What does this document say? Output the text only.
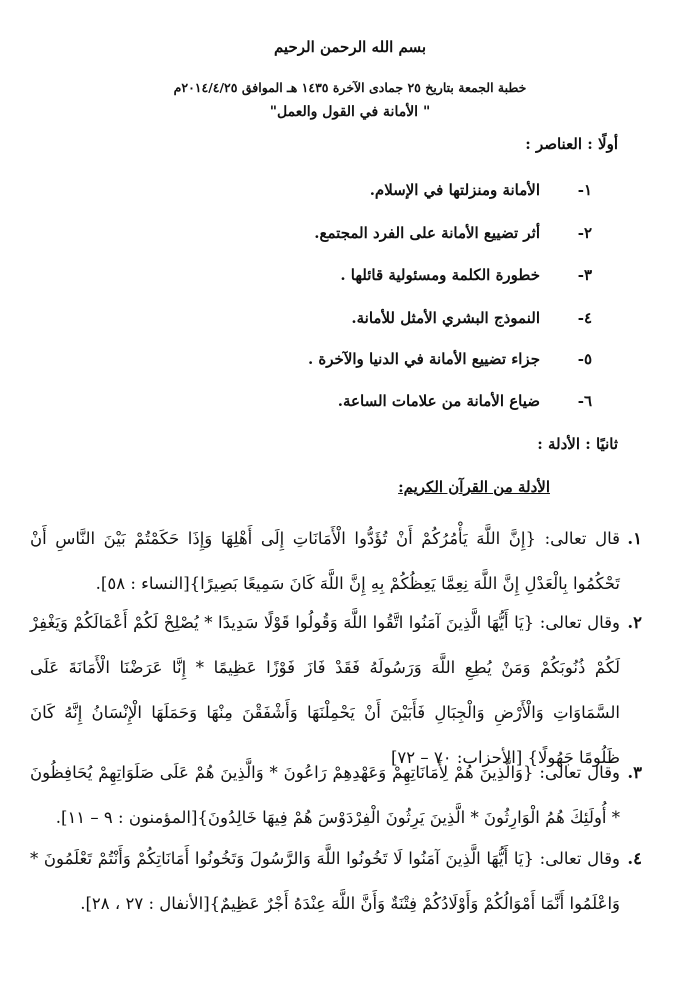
بسم الله الرحمن الرحيم
خطبة الجمعة بتاريخ ٢٥ جمادى الآخرة ١٤٣٥ هـ الموافق ٢٠١٤/٤/٢٥م
" الأمانة في القول والعمل"
أولًا : العناصر :
١-
الأمانة ومنزلتها في الإسلام.
٢-
أثر تضييع الأمانة على الفرد المجتمع.
٣-
خطورة الكلمة ومسئولية قائلها .
٤-
النموذج البشري الأمثل للأمانة.
٥-
جزاء تضييع الأمانة في الدنيا والآخرة .
٦-
ضياع الأمانة من علامات الساعة.
ثانيًا : الأدلة :
الأدلة من القرآن الكريم:
١.
قال تعالى: {إِنَّ اللَّهَ يَأْمُرُكُمْ أَنْ تُؤَدُّوا الْأَمَانَاتِ إِلَى أَهْلِهَا وَإِذَا حَكَمْتُمْ بَيْنَ النَّاسِ أَنْ تَحْكُمُوا بِالْعَدْلِ إِنَّ اللَّهَ نِعِمَّا يَعِظُكُمْ بِهِ إِنَّ اللَّهَ كَانَ سَمِيعًا بَصِيرًا}[النساء : ٥٨].
٢.
وقال تعالى: {يَا أَيُّهَا الَّذِينَ آمَنُوا اتَّقُوا اللَّهَ وَقُولُوا قَوْلًا سَدِيدًا * يُصْلِحْ لَكُمْ أَعْمَالَكُمْ وَيَغْفِرْ لَكُمْ ذُنُوبَكُمْ وَمَنْ يُطِعِ اللَّهَ وَرَسُولَهُ فَقَدْ فَازَ فَوْزًا عَظِيمًا * إِنَّا عَرَضْنَا الْأَمَانَةَ عَلَى السَّمَاوَاتِ وَالْأَرْضِ وَالْجِبَالِ فَأَبَيْنَ أَنْ يَحْمِلْنَهَا وَأَشْفَقْنَ مِنْهَا وَحَمَلَهَا الْإِنْسَانُ إِنَّهُ كَانَ ظَلُومًا جَهُولًا} [الأحزاب: ٧٠ – ٧٢]
٣.
وقال تعالى: {وَالَّذِينَ هُمْ لِأَمَانَاتِهِمْ وَعَهْدِهِمْ رَاعُونَ * وَالَّذِينَ هُمْ عَلَى صَلَوَاتِهِمْ يُحَافِظُونَ * أُولَئِكَ هُمُ الْوَارِثُونَ * الَّذِينَ يَرِثُونَ الْفِرْدَوْسَ هُمْ فِيهَا خَالِدُونَ}[المؤمنون : ٩ – ١١].
٤.
وقال تعالى: {يَا أَيُّهَا الَّذِينَ آمَنُوا لَا تَخُونُوا اللَّهَ وَالرَّسُولَ وَتَخُونُوا أَمَانَاتِكُمْ وَأَنْتُمْ تَعْلَمُونَ * وَاعْلَمُوا أَنَّمَا أَمْوَالُكُمْ وَأَوْلَادُكُمْ فِتْنَةٌ وَأَنَّ اللَّهَ عِنْدَهُ أَجْرٌ عَظِيمٌ}[الأنفال : ٢٧ ، ٢٨].
